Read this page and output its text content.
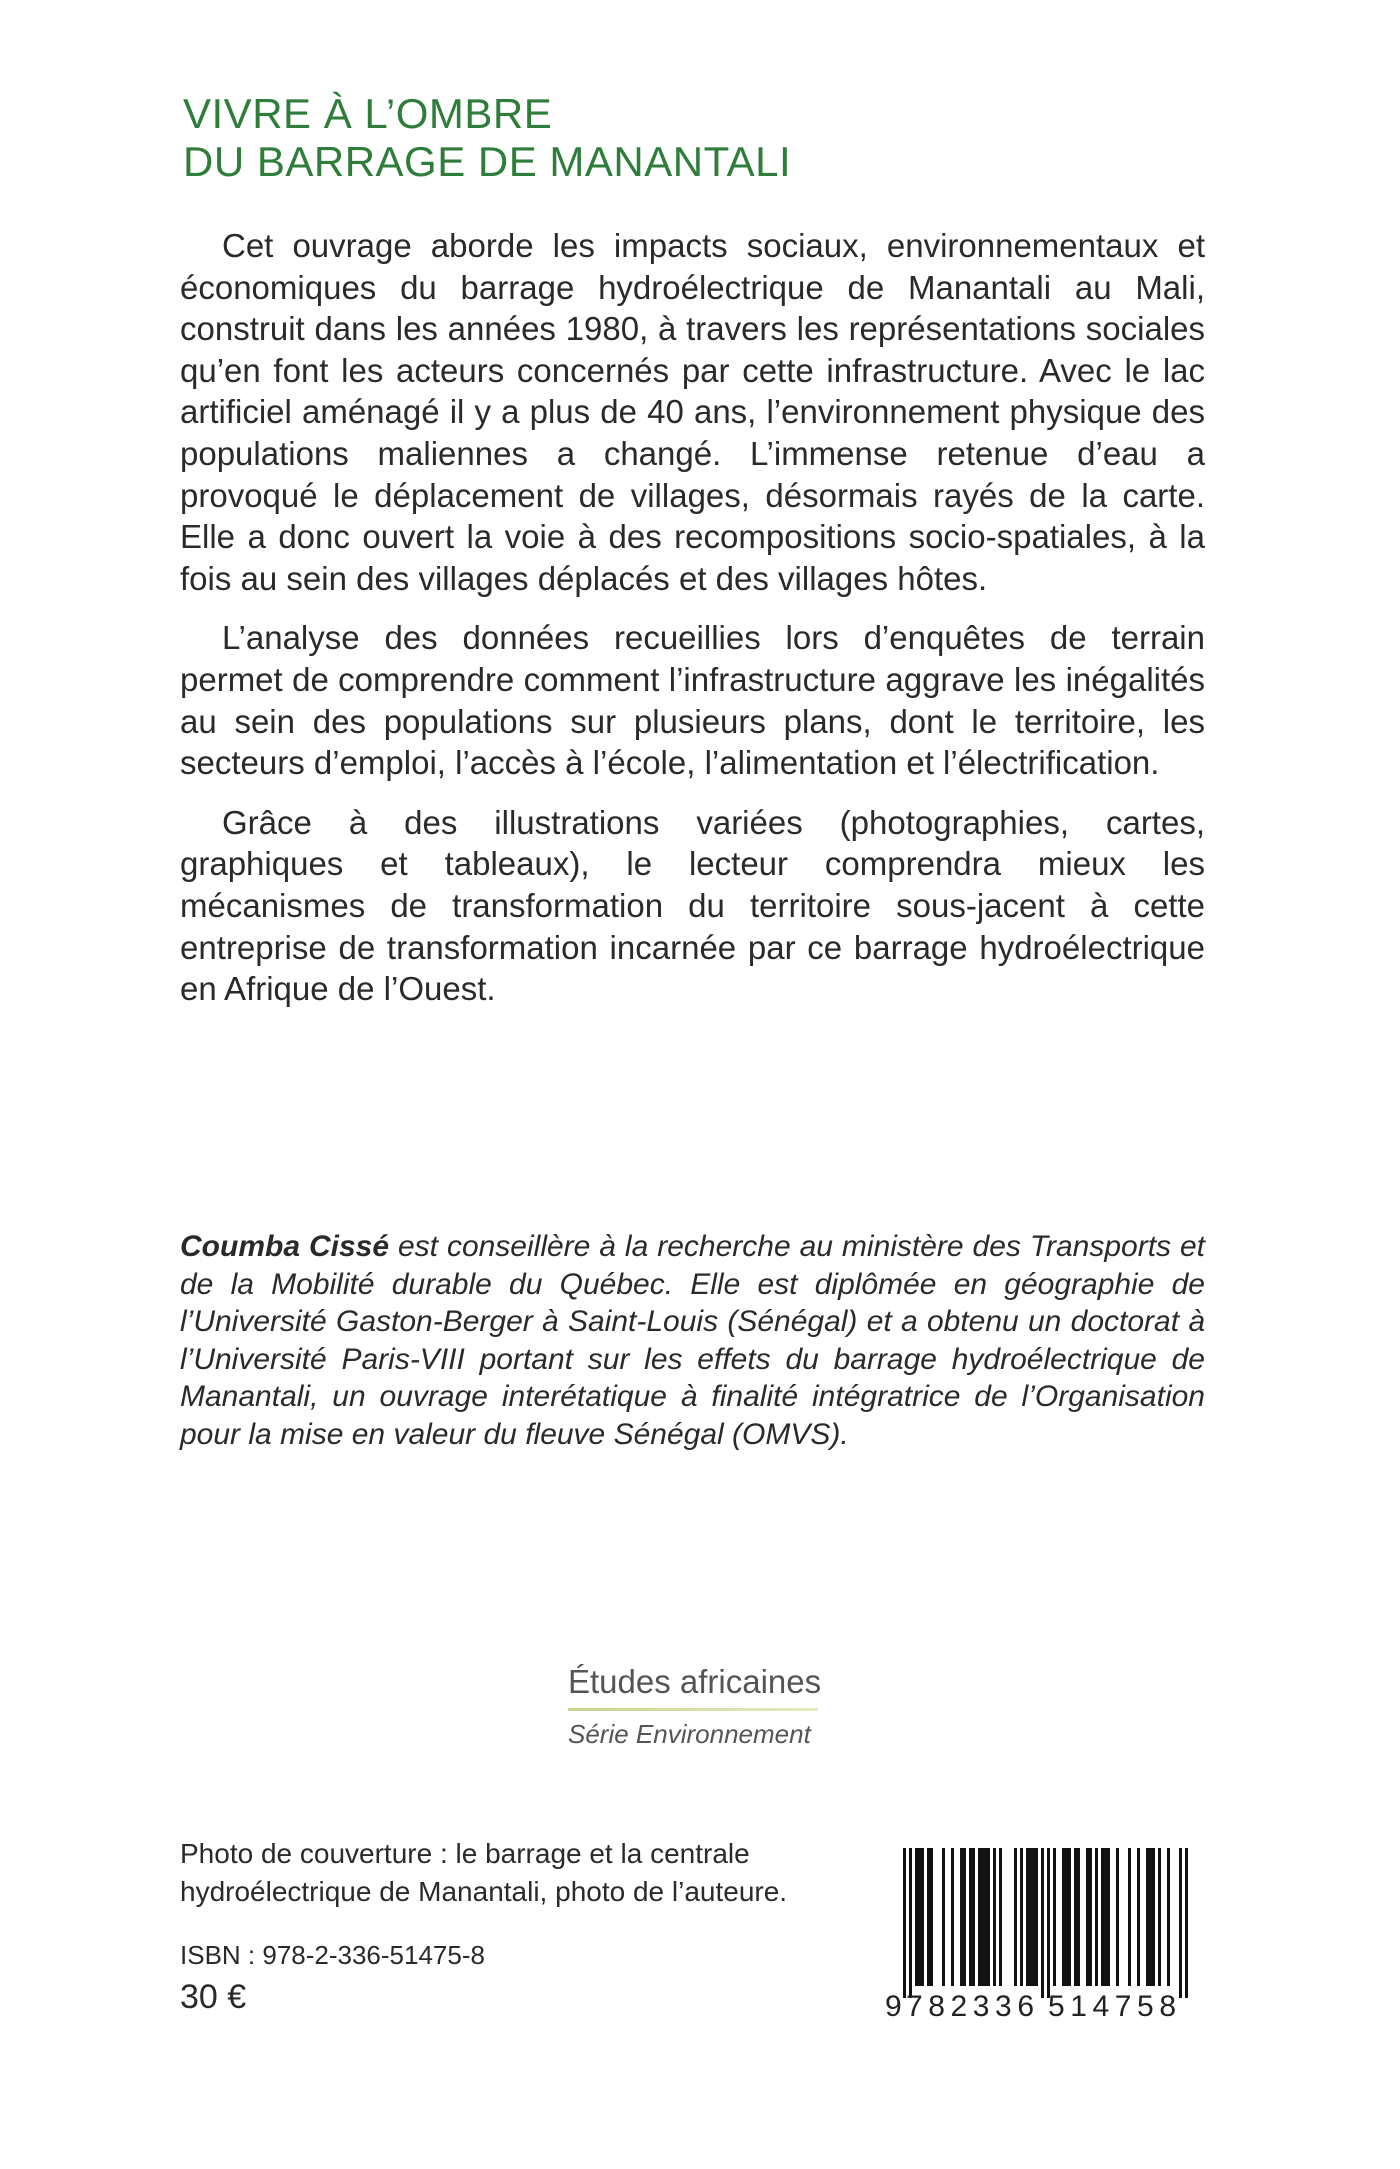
VIVRE À L’OMBRE
DU BARRAGE DE MANANTALI

Cet ouvrage aborde les impacts sociaux, environnementaux et économiques du barrage hydroélectrique de Manantali au Mali, construit dans les années 1980, à travers les représentations sociales qu’en font les acteurs concernés par cette infrastructure. Avec le lac artificiel aménagé il y a plus de 40 ans, l’environnement physique des populations maliennes a changé. L’immense retenue d’eau a provoqué le déplacement de villages, désormais rayés de la carte. Elle a donc ouvert la voie à des recompositions socio-spatiales, à la fois au sein des villages déplacés et des villages hôtes.

L’analyse des données recueillies lors d’enquêtes de terrain permet de comprendre comment l’infrastructure aggrave les inégalités au sein des populations sur plusieurs plans, dont le territoire, les secteurs d’emploi, l’accès à l’école, l’alimentation et l’électrification.

Grâce à des illustrations variées (photographies, cartes, graphiques et tableaux), le lecteur comprendra mieux les mécanismes de transformation du territoire sous-jacent à cette entreprise de transformation incarnée par ce barrage hydroélectrique en Afrique de l’Ouest.

Coumba Cissé est conseillère à la recherche au ministère des Transports et de la Mobilité durable du Québec. Elle est diplômée en géographie de l’Université Gaston-Berger à Saint-Louis (Sénégal) et a obtenu un doctorat à l’Université Paris-VIII portant sur les effets du barrage hydroélectrique de Manantali, un ouvrage interétatique à finalité intégratrice de l’Organisation pour la mise en valeur du fleuve Sénégal (OMVS).

Études africaines
Série Environnement

Photo de couverture : le barrage et la centrale
hydroélectrique de Manantali, photo de l’auteure.

ISBN : 978-2-336-51475-8

30 €	9 782336 514758
